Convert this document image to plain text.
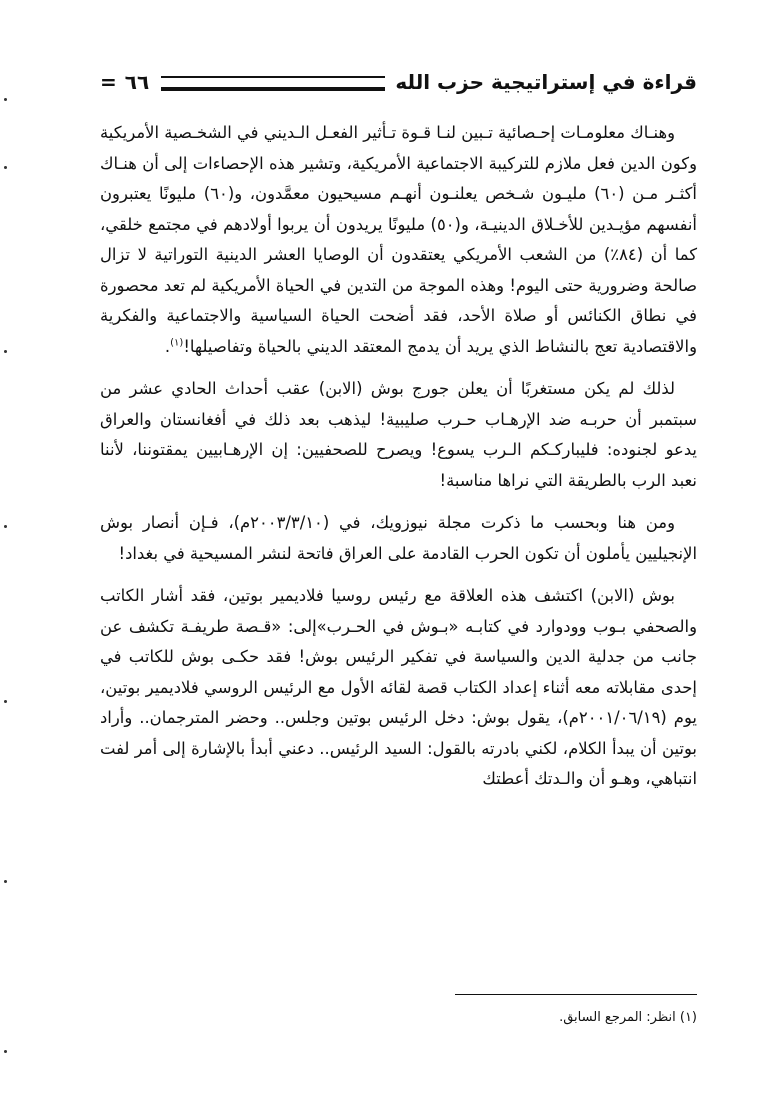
قراءة في إستراتيجية حزب الله
٦٦
=

وهنـاك معلومـات إحـصائية تـبين لنـا قـوة تـأثير الفعـل الـديني في الشخـصية الأمريكية وكون الدين فعل ملازم للتركيبة الاجتماعية الأمريكية، وتشير هذه الإحصاءات إلى أن هنـاك أكثـر مـن (٦٠) مليـون شـخص يعلنـون أنهـم مسيحيون معمَّدون، و(٦٠) مليونًا يعتبرون أنفسهم مؤيـدين للأخـلاق الدينيـة، و(٥٠) مليونًا يريدون أن يربوا أولادهم في مجتمع خلقي، كما أن (٨٤٪) من الشعب الأمريكي يعتقدون أن الوصايا العشر الدينية التوراتية لا تزال صالحة وضرورية حتى اليوم! وهذه الموجة من التدين في الحياة الأمريكية لم تعد محصورة في نطاق الكنائس أو صلاة الأحد، فقد أضحت الحياة السياسية والاجتماعية والفكرية والاقتصادية تعج بالنشاط الذي يريد أن يدمج المعتقد الديني بالحياة وتفاصيلها!$^{(١)}$.

لذلك لم يكن مستغربًا أن يعلن جورج بوش (الابن) عقب أحداث الحادي عشر من سبتمبر أن حربـه ضد الإرهـاب حـرب صليبية! ليذهب بعد ذلك في أفغانستان والعراق يدعو لجنوده: فليباركـكم الـرب يسوع! ويصرح للصحفيين: إن الإرهـابيين يمقتوننا، لأننا نعبد الرب بالطريقة التي نراها مناسبة!

ومن هنا وبحسب ما ذكرت مجلة نيوزويك، في (٢٠٠٣/٣/١٠م)، فـإن أنصار بوش الإنجيليين يأملون أن تكون الحرب القادمة على العراق فاتحة لنشر المسيحية في بغداد!

بوش (الابن) اكتشف هذه العلاقة مع رئيس روسيا فلاديمير بوتين، فقد أشار الكاتب والصحفي بـوب وودوارد في كتابـه «بـوش في الحـرب»إلى: «قـصة طريفـة تكشف عن جانب من جدلية الدين والسياسة في تفكير الرئيس بوش! فقد حكـى بوش للكاتب في إحدى مقابلاته معه أثناء إعداد الكتاب قصة لقائه الأول مع الرئيس الروسي فلاديمير بوتين، يوم (٢٠٠١/٠٦/١٩م)، يقول بوش: دخل الرئيس بوتين وجلس.. وحضر المترجمان.. وأراد بوتين أن يبدأ الكلام، لكني بادرته بالقول: السيد الرئيس.. دعني أبدأ بالإشارة إلى أمر لفت انتباهي، وهـو أن والـدتك أعطتك

(١) انظر: المرجع السابق.
